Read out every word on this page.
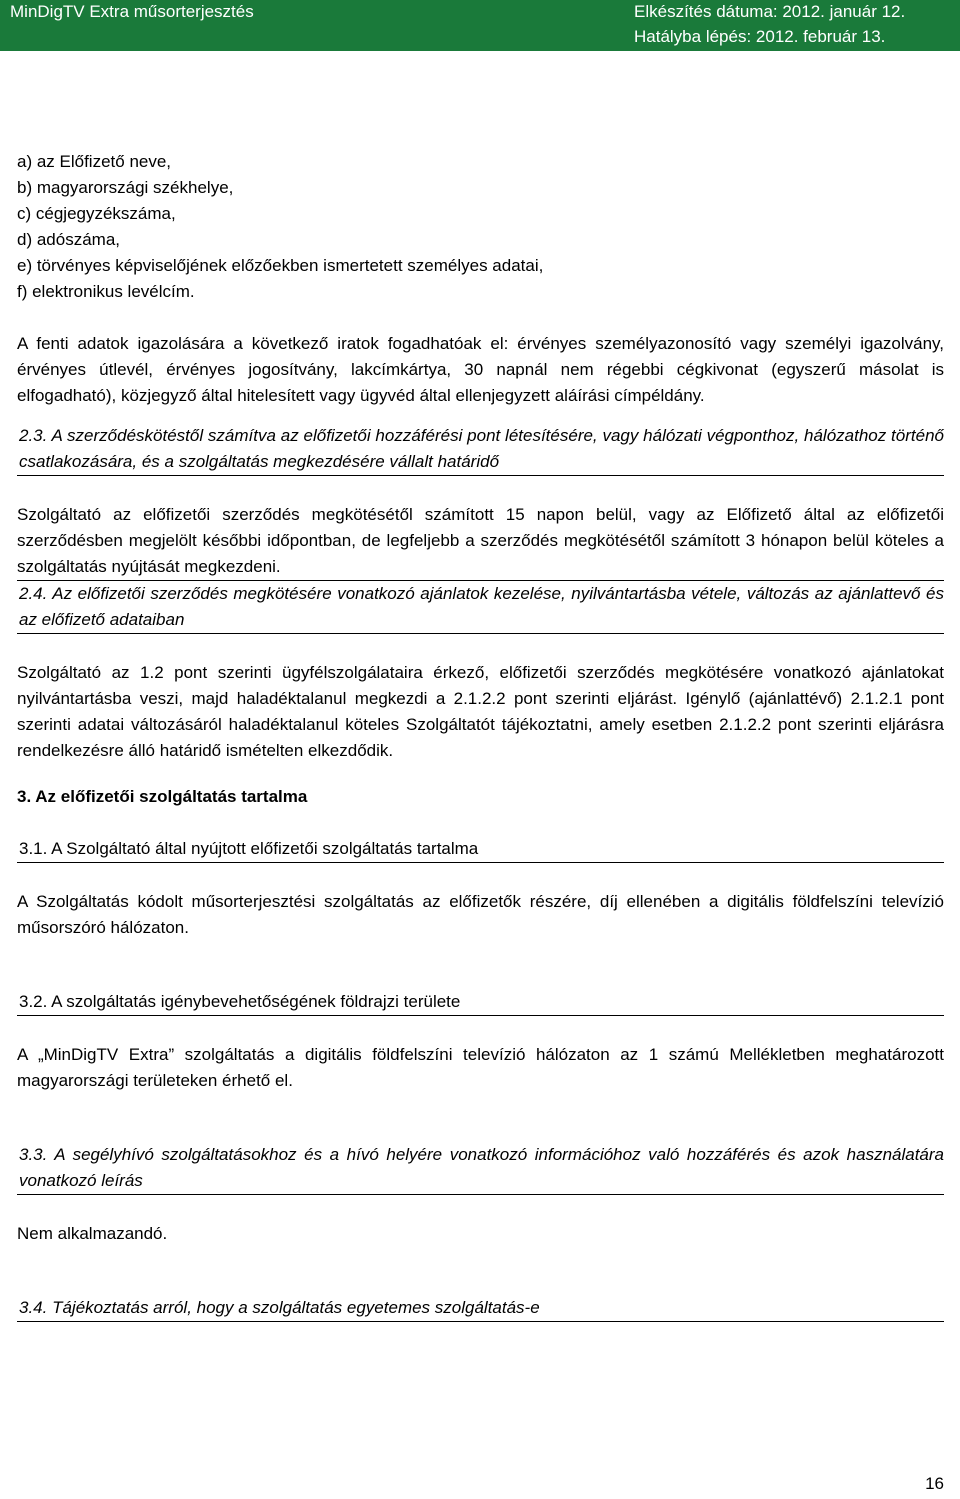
MinDigTV Extra műsorterjesztés	Elkészítés dátuma: 2012. január 12.
Hatályba lépés: 2012. február 13.

a) az Előfizető neve,

b) magyarországi székhelye,

c) cégjegyzékszáma,

d) adószáma,

e) törvényes képviselőjének előzőekben ismertetett személyes adatai,

f) elektronikus levélcím.

A fenti adatok igazolására a következő iratok fogadhatóak el: érvényes személyazonosító vagy személyi igazolvány, érvényes útlevél, érvényes jogosítvány, lakcímkártya, 30 napnál nem régebbi cégkivonat (egyszerű másolat is elfogadható), közjegyző által hitelesített vagy ügyvéd által ellenjegyzett aláírási címpéldány.

2.3. A szerződéskötéstől számítva az előfizetői hozzáférési pont létesítésére, vagy hálózati végponthoz, hálózathoz történő csatlakozására, és a szolgáltatás megkezdésére vállalt határidő

Szolgáltató az előfizetői szerződés megkötésétől számított 15 napon belül, vagy az Előfizető által az előfizetői szerződésben megjelölt későbbi időpontban, de legfeljebb a szerződés megkötésétől számított 3 hónapon belül köteles a szolgáltatás nyújtását megkezdeni.

2.4. Az előfizetői szerződés megkötésére vonatkozó ajánlatok kezelése, nyilvántartásba vétele, változás az ajánlattevő és az előfizető adataiban

Szolgáltató az 1.2 pont szerinti ügyfélszolgálataira érkező, előfizetői szerződés megkötésére vonatkozó ajánlatokat nyilvántartásba veszi, majd haladéktalanul megkezdi a 2.1.2.2 pont szerinti eljárást. Igénylő (ajánlattévő) 2.1.2.1 pont szerinti adatai változásáról haladéktalanul köteles Szolgáltatót tájékoztatni, amely esetben 2.1.2.2 pont szerinti eljárásra rendelkezésre álló határidő ismételten elkezdődik.

3. Az előfizetői szolgáltatás tartalma

3.1. A Szolgáltató által nyújtott előfizetői szolgáltatás tartalma

A Szolgáltatás kódolt műsorterjesztési szolgáltatás az előfizetők részére, díj ellenében a digitális földfelszíni televízió műsorszóró hálózaton.

3.2. A szolgáltatás igénybevehetőségének földrajzi területe

A „MinDigTV Extra” szolgáltatás a digitális földfelszíni televízió hálózaton az 1 számú Mellékletben meghatározott magyarországi területeken érhető el.

3.3. A segélyhívó szolgáltatásokhoz és a hívó helyére vonatkozó információhoz való hozzáférés és azok használatára vonatkozó leírás

Nem alkalmazandó.

3.4. Tájékoztatás arról, hogy a szolgáltatás egyetemes szolgáltatás-e

16
